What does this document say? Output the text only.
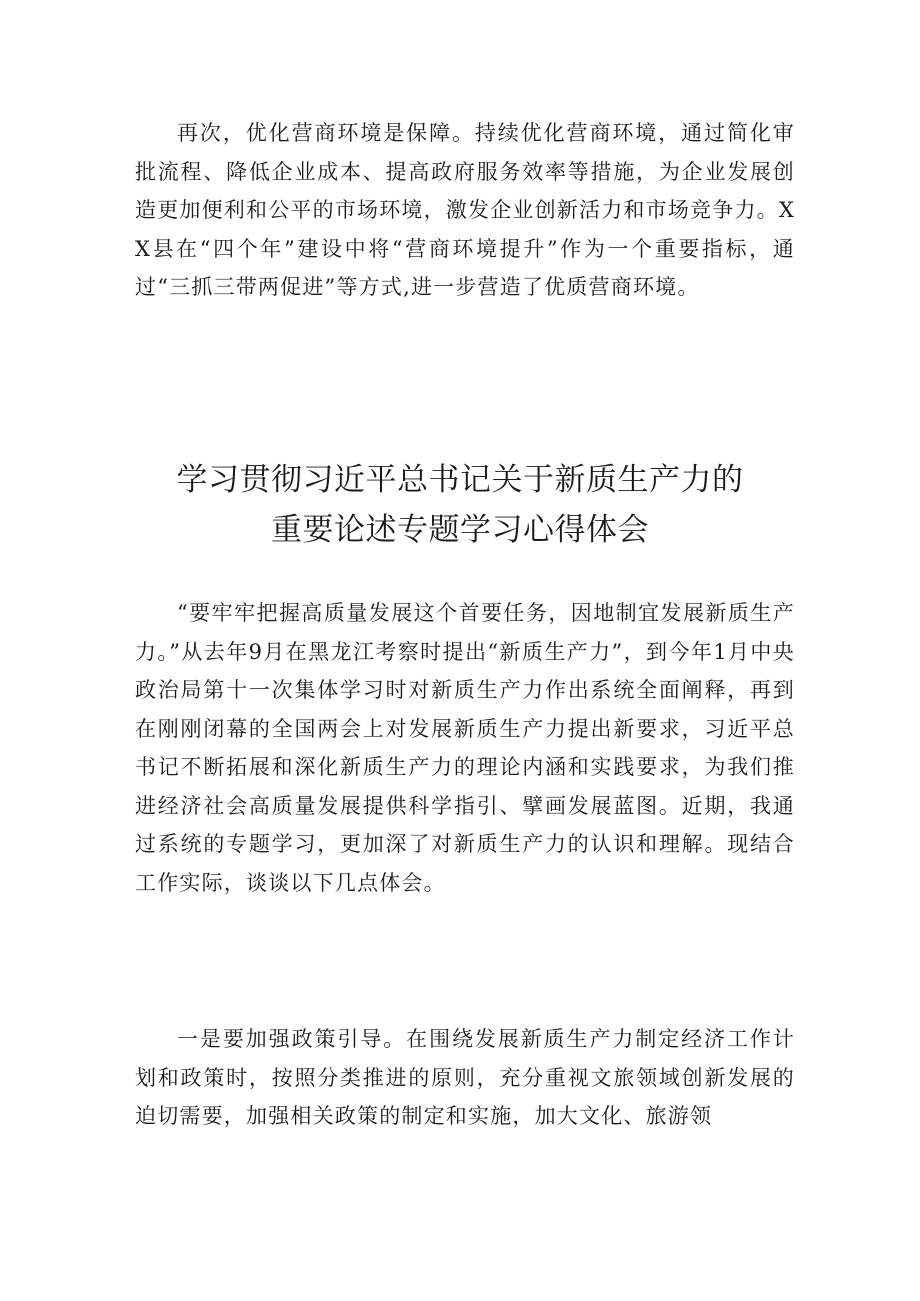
再次，优化营商环境是保障。持续优化营商环境，通过简化审批流程、降低企业成本、提高政府服务效率等措施，为企业发展创造更加便利和公平的市场环境，激发企业创新活力和市场竞争力。XX县在“四个年”建设中将“营商环境提升”作为一个重要指标，通过“三抓三带两促进”等方式,进一步营造了优质营商环境。

学习贯彻习近平总书记关于新质生产力的
重要论述专题学习心得体会

“要牢牢把握高质量发展这个首要任务，因地制宜发展新质生产力。”从去年9月在黑龙江考察时提出“新质生产力”，到今年1月中央政治局第十一次集体学习时对新质生产力作出系统全面阐释，再到在刚刚闭幕的全国两会上对发展新质生产力提出新要求，习近平总书记不断拓展和深化新质生产力的理论内涵和实践要求，为我们推进经济社会高质量发展提供科学指引、擘画发展蓝图。近期，我通过系统的专题学习，更加深了对新质生产力的认识和理解。现结合工作实际，谈谈以下几点体会。

一是要加强政策引导。在围绕发展新质生产力制定经济工作计划和政策时，按照分类推进的原则，充分重视文旅领域创新发展的迫切需要，加强相关政策的制定和实施，加大文化、旅游领
